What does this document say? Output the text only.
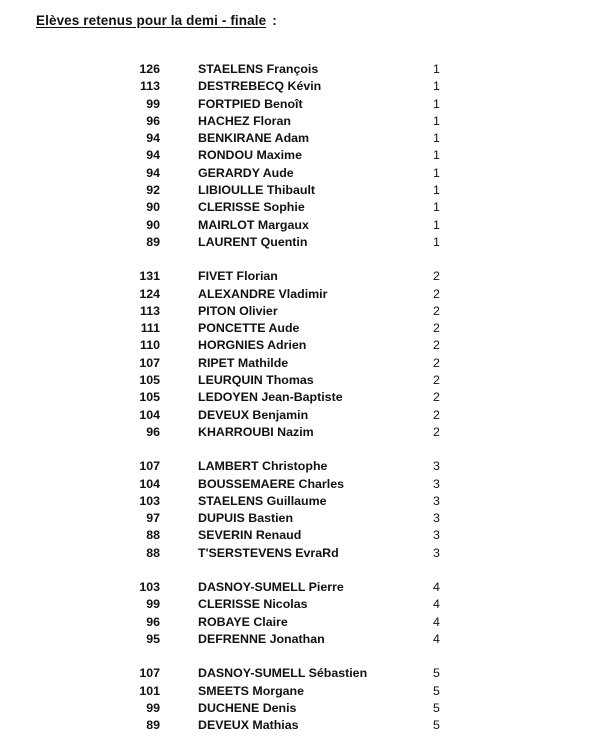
Elèves retenus pour la demi - finale :
126	STAELENS François	1
113	DESTREBECQ Kévin	1
99	FORTPIED Benoît	1
96	HACHEZ Floran	1
94	BENKIRANE Adam	1
94	RONDOU Maxime	1
94	GERARDY Aude	1
92	LIBIOULLE Thibault	1
90	CLERISSE Sophie	1
90	MAIRLOT Margaux	1
89	LAURENT Quentin	1
131	FIVET Florian	2
124	ALEXANDRE Vladimir	2
113	PITON Olivier	2
111	PONCETTE Aude	2
110	HORGNIES Adrien	2
107	RIPET Mathilde	2
105	LEURQUIN Thomas	2
105	LEDOYEN Jean-Baptiste	2
104	DEVEUX Benjamin	2
96	KHARROUBI Nazim	2
107	LAMBERT Christophe	3
104	BOUSSEMAERE Charles	3
103	STAELENS Guillaume	3
97	DUPUIS Bastien	3
88	SEVERIN Renaud	3
88	T'SERSTEVENS EvraRd	3
103	DASNOY-SUMELL Pierre	4
99	CLERISSE Nicolas	4
96	ROBAYE Claire	4
95	DEFRENNE Jonathan	4
107	DASNOY-SUMELL Sébastien	5
101	SMEETS Morgane	5
99	DUCHENE Denis	5
89	DEVEUX Mathias	5
